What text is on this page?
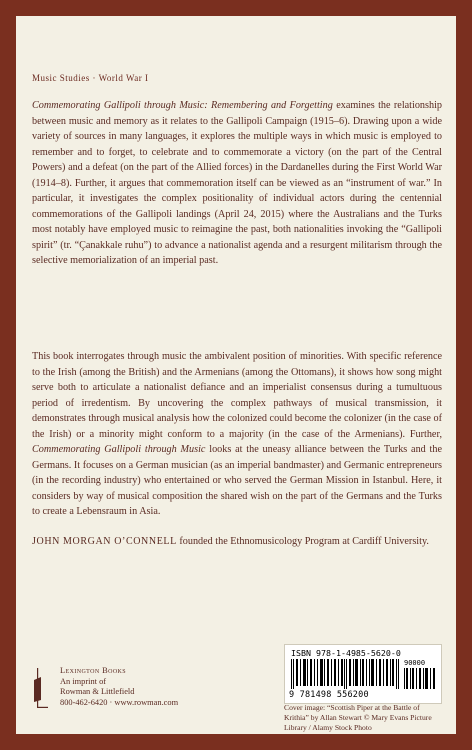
Music Studies · World War I

Commemorating Gallipoli through Music: Remembering and Forgetting examines the relationship between music and memory as it relates to the Gallipoli Campaign (1915–6). Drawing upon a wide variety of sources in many languages, it explores the multiple ways in which music is employed to remember and to forget, to celebrate and to commemorate a victory (on the part of the Central Powers) and a defeat (on the part of the Allied forces) in the Dardanelles during the First World War (1914–8). Further, it argues that commemoration itself can be viewed as an “instrument of war.” In particular, it investigates the complex positionality of individual actors during the centennial commemorations of the Gallipoli landings (April 24, 2015) where the Australians and the Turks most notably have employed music to reimagine the past, both nationalities invoking the “Gallipoli spirit” (tr. “Çanakkale ruhu”) to advance a nationalist agenda and a resurgent militarism through the selective memorialization of an imperial past.

This book interrogates through music the ambivalent position of minorities. With specific reference to the Irish (among the British) and the Armenians (among the Ottomans), it shows how song might serve both to articulate a nationalist defiance and an imperialist consensus during a tumultuous period of irredentism. By uncovering the complex pathways of musical transmission, it demonstrates through musical analysis how the colonized could become the colonizer (in the case of the Irish) or a minority might conform to a majority (in the case of the Armenians). Further, Commemorating Gallipoli through Music looks at the uneasy alliance between the Turks and the Germans. It focuses on a German musician (as an imperial bandmaster) and Germanic entrepreneurs (in the recording industry) who entertained or who served the German Mission in Istanbul. Here, it considers by way of musical composition the shared wish on the part of the Germans and the Turks to create a Lebensraum in Asia.

JOHN MORGAN O’CONNELL founded the Ethnomusicology Program at Cardiff University.

Lexington Books
An imprint of
Rowman & Littlefield
800-462-6420 · www.rowman.com
ISBN 978-1-4985-5620-0
90000
9 781498 556200
Cover image: “Scottish Piper at the Battle of Krithia” by Allan Stewart © Mary Evans Picture Library / Alamy Stock Photo
